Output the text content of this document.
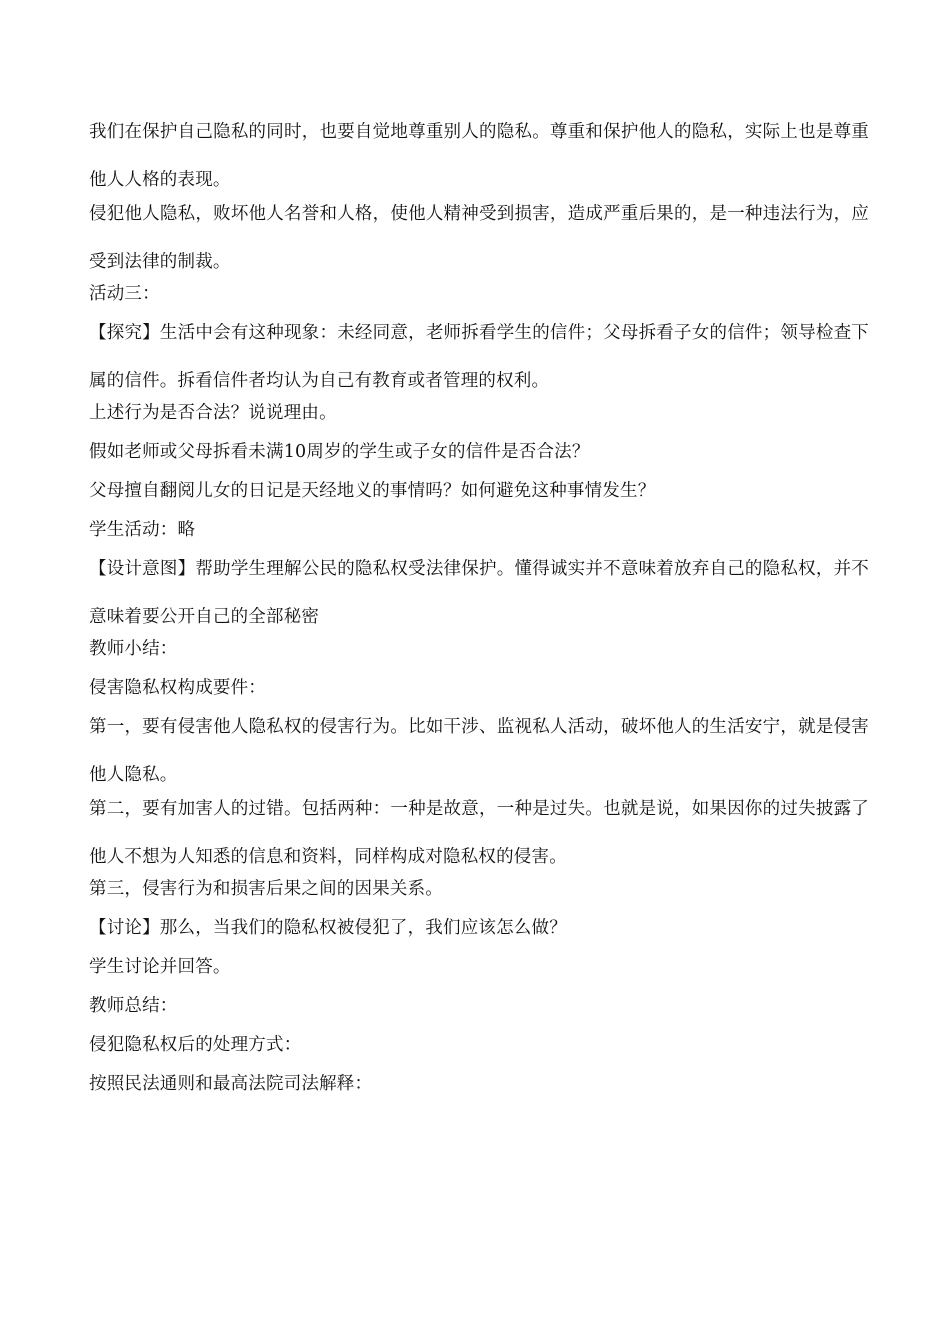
我们在保护自己隐私的同时，也要自觉地尊重别人的隐私。尊重和保护他人的隐私，实际上也是尊重他人人格的表现。

侵犯他人隐私，败坏他人名誉和人格，使他人精神受到损害，造成严重后果的，是一种违法行为，应受到法律的制裁。

活动三：

【探究】生活中会有这种现象：未经同意，老师拆看学生的信件；父母拆看子女的信件；领导检查下属的信件。拆看信件者均认为自己有教育或者管理的权利。

上述行为是否合法？说说理由。

假如老师或父母拆看未满10周岁的学生或子女的信件是否合法？

父母擅自翻阅儿女的日记是天经地义的事情吗？如何避免这种事情发生？

学生活动：略

【设计意图】帮助学生理解公民的隐私权受法律保护。懂得诚实并不意味着放弃自己的隐私权，并不意味着要公开自己的全部秘密

教师小结：

侵害隐私权构成要件：

第一，要有侵害他人隐私权的侵害行为。比如干涉、监视私人活动，破坏他人的生活安宁，就是侵害他人隐私。

第二，要有加害人的过错。包括两种：一种是故意，一种是过失。也就是说，如果因你的过失披露了他人不想为人知悉的信息和资料，同样构成对隐私权的侵害。

第三，侵害行为和损害后果之间的因果关系。

【讨论】那么，当我们的隐私权被侵犯了，我们应该怎么做？

学生讨论并回答。

教师总结：

侵犯隐私权后的处理方式：

按照民法通则和最高法院司法解释：
